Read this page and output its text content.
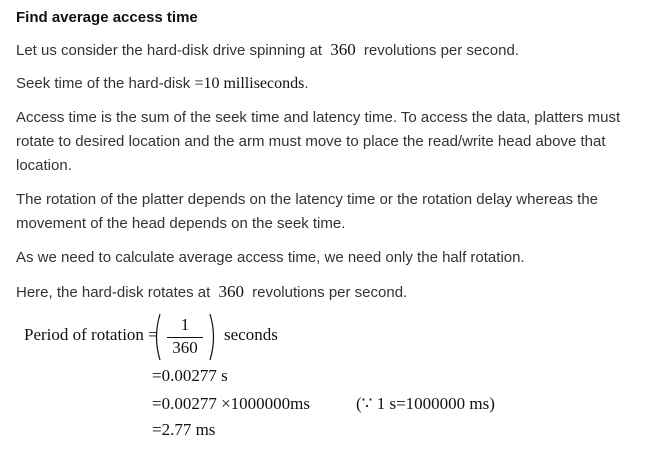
Find average access time
Let us consider the hard-disk drive spinning at 360 revolutions per second.
Seek time of the hard-disk =10 milliseconds.
Access time is the sum of the seek time and latency time. To access the data, platters must
rotate to desired location and the arm must move to place the read/write head above that
location.
The rotation of the platter depends on the latency time or the rotation delay whereas the
movement of the head depends on the seek time.
As we need to calculate average access time, we need only the half rotation.
Here, the hard-disk rotates at 360 revolutions per second.
Period of rotation =
1
360
seconds
=0.00277 s
=0.00277 ×1000000ms	(∵ 1 s=1000000 ms)
=2.77 ms
